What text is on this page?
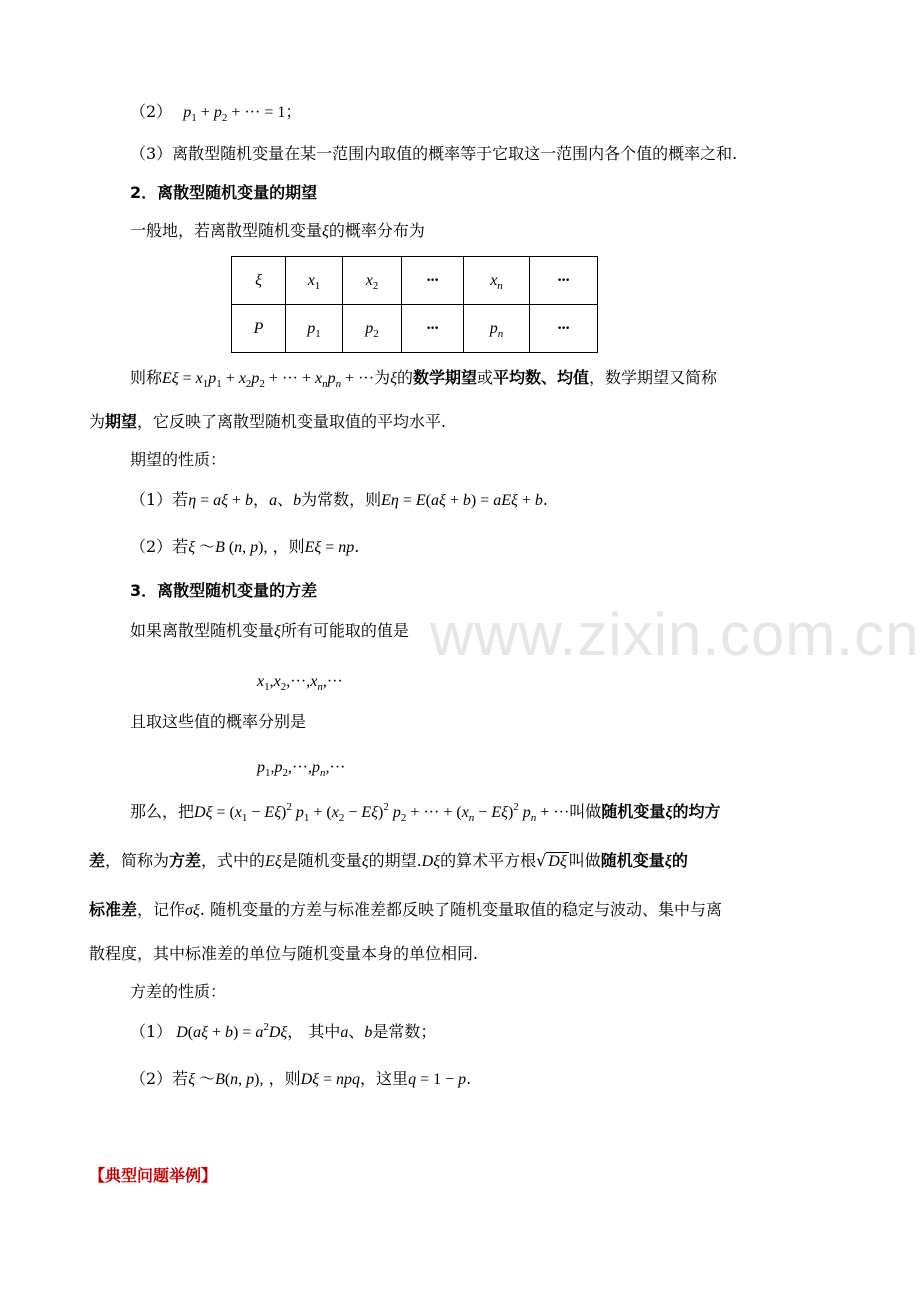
www.zixin.com.cn
（2） $p_1 + p_2$ + ··· = 1；
（3）离散型随机变量在某一范围内取值的概率等于它取这一范围内各个值的概率之和.
2．离散型随机变量的期望
一般地，若离散型随机变量ξ的概率分布为
ξ	$x_1$	$x_2$	···	$x_n$	···
P	$p_1$	$p_2$	···	$p_n$	···
则称$E\xi = x_1p_1 + x_2p_2$ + ··· + $x_np_n$ + ···为ξ的数学期望或平均数、均值，数学期望又简称
为期望，它反映了离散型随机变量取值的平均水平.
期望的性质：
（1）若η = aξ + b，a、b为常数，则Eη = E(aξ + b) = aEξ + b.
（2）若ξ ～B (n, p), ，则Eξ = np.
3．离散型随机变量的方差
如果离散型随机变量ξ所有可能取的值是
$x_1,x_2,\cdot\cdot\cdot,x_n,\cdot\cdot\cdot$
且取这些值的概率分别是
$p_1,p_2,\cdot\cdot\cdot,p_n,\cdot\cdot\cdot$
那么，把$D\xi = (x_1 - E\xi)^2$ $p_1 + (x_2 - E\xi)^2$ $p_2$ + ··· + $(x_n - E\xi)^2$ $p_n$ + ···叫做随机变量ξ的均方
差，简称为方差，式中的Eξ是随机变量ξ的期望.Dξ的算术平方根√ Dξ 叫做随机变量ξ的
标准差，记作σξ. 随机变量的方差与标准差都反映了随机变量取值的稳定与波动、集中与离
散程度，其中标准差的单位与随机变量本身的单位相同.
方差的性质：
（1） $D(a\xi + b) = a^2D\xi$， 其中a、b是常数；
（2）若ξ ～B(n, p), ，则Dξ = npq，这里q = 1 − p.
【典型问题举例】
